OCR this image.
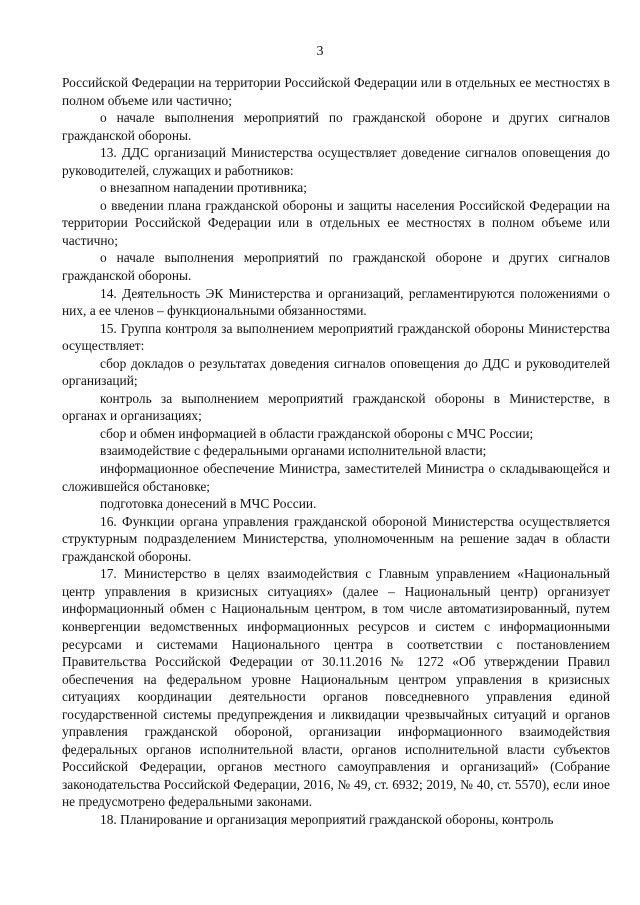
3

Российской Федерации на территории Российской Федерации или в отдельных ее местностях в полном объеме или частично;

о начале выполнения мероприятий по гражданской обороне и других сигналов гражданской обороны.

13. ДДС организаций Министерства осуществляет доведение сигналов оповещения до руководителей, служащих и работников:

о внезапном нападении противника;

о введении плана гражданской обороны и защиты населения Российской Федерации на территории Российской Федерации или в отдельных ее местностях в полном объеме или частично;

о начале выполнения мероприятий по гражданской обороне и других сигналов гражданской обороны.

14. Деятельность ЭК Министерства и организаций, регламентируются положениями о них, а ее членов – функциональными обязанностями.

15. Группа контроля за выполнением мероприятий гражданской обороны Министерства осуществляет:

сбор докладов о результатах доведения сигналов оповещения до ДДС и руководителей организаций;

контроль за выполнением мероприятий гражданской обороны в Министерстве, в органах и организациях;

сбор и обмен информацией в области гражданской обороны с МЧС России;

взаимодействие с федеральными органами исполнительной власти;

информационное обеспечение Министра, заместителей Министра о складывающейся и сложившейся обстановке;

подготовка донесений в МЧС России.

16. Функции органа управления гражданской обороной Министерства осуществляется структурным подразделением Министерства, уполномоченным на решение задач в области гражданской обороны.

17. Министерство в целях взаимодействия с Главным управлением «Национальный центр управления в кризисных ситуациях» (далее – Национальный центр) организует информационный обмен с Национальным центром, в том числе автоматизированный, путем конвергенции ведомственных информационных ресурсов и систем с информационными ресурсами и системами Национального центра в соответствии с постановлением Правительства Российской Федерации от 30.11.2016 № 1272 «Об утверждении Правил обеспечения на федеральном уровне Национальным центром управления в кризисных ситуациях координации деятельности органов повседневного управления единой государственной системы предупреждения и ликвидации чрезвычайных ситуаций и органов управления гражданской обороной, организации информационного взаимодействия федеральных органов исполнительной власти, органов исполнительной власти субъектов Российской Федерации, органов местного самоуправления и организаций» (Собрание законодательства Российской Федерации, 2016, № 49, ст. 6932; 2019, № 40, ст. 5570), если иное не предусмотрено федеральными законами.

18. Планирование и организация мероприятий гражданской обороны, контроль
